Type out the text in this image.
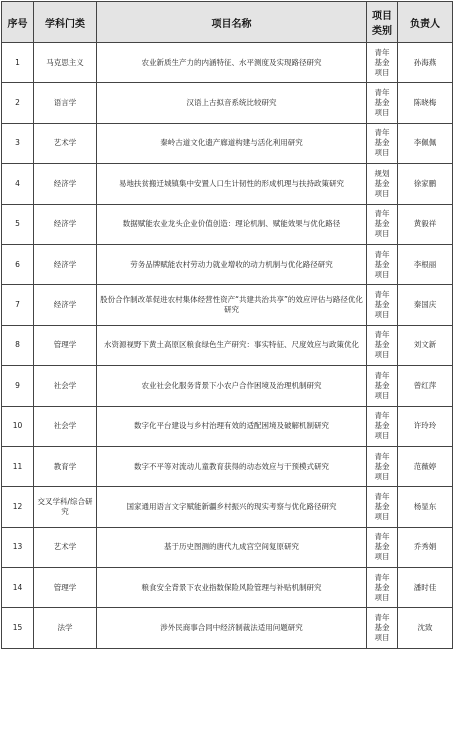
序号	学科门类	项目名称	项目类别	负责人
1	马克思主义	农业新质生产力的内涵特征、水平测度及实现路径研究	青年基金项目	孙海燕
2	语言学	汉语上古拟音系统比较研究	青年基金项目	陈晓梅
3	艺术学	秦岭古道文化遗产廊道构建与活化利用研究	青年基金项目	李佩佩
4	经济学	易地扶贫搬迁城镇集中安置人口生计韧性的形成机理与扶持政策研究	规划基金项目	徐家鹏
5	经济学	数据赋能农业龙头企业价值创造：理论机制、赋能效果与优化路径	青年基金项目	黄毅祥
6	经济学	劳务品牌赋能农村劳动力就业增收的动力机制与优化路径研究	青年基金项目	李根丽
7	经济学	股份合作制改革促进农村集体经营性资产“共建共治共享”的效应评估与路径优化研究	青年基金项目	秦国庆
8	管理学	水资源视野下黄土高原区粮食绿色生产研究：事实特征、尺度效应与政策优化	青年基金项目	刘文新
9	社会学	农业社会化服务背景下小农户合作困境及治理机制研究	青年基金项目	曾红萍
10	社会学	数字化平台建设与乡村治理有效的适配困境及破解机制研究	青年基金项目	许玲玲
11	教育学	数字不平等对流动儿童教育获得的动态效应与干预模式研究	青年基金项目	范薇婷
12	交叉学科/综合研究	国家通用语言文字赋能新疆乡村振兴的现实考察与优化路径研究	青年基金项目	杨显东
13	艺术学	基于历史图测的唐代九成宫空间复原研究	青年基金项目	乔秀娟
14	管理学	粮食安全背景下农业指数保险风险管理与补贴机制研究	青年基金项目	潘时佳
15	法学	涉外民商事合同中经济制裁法适用问题研究	青年基金项目	沈致
